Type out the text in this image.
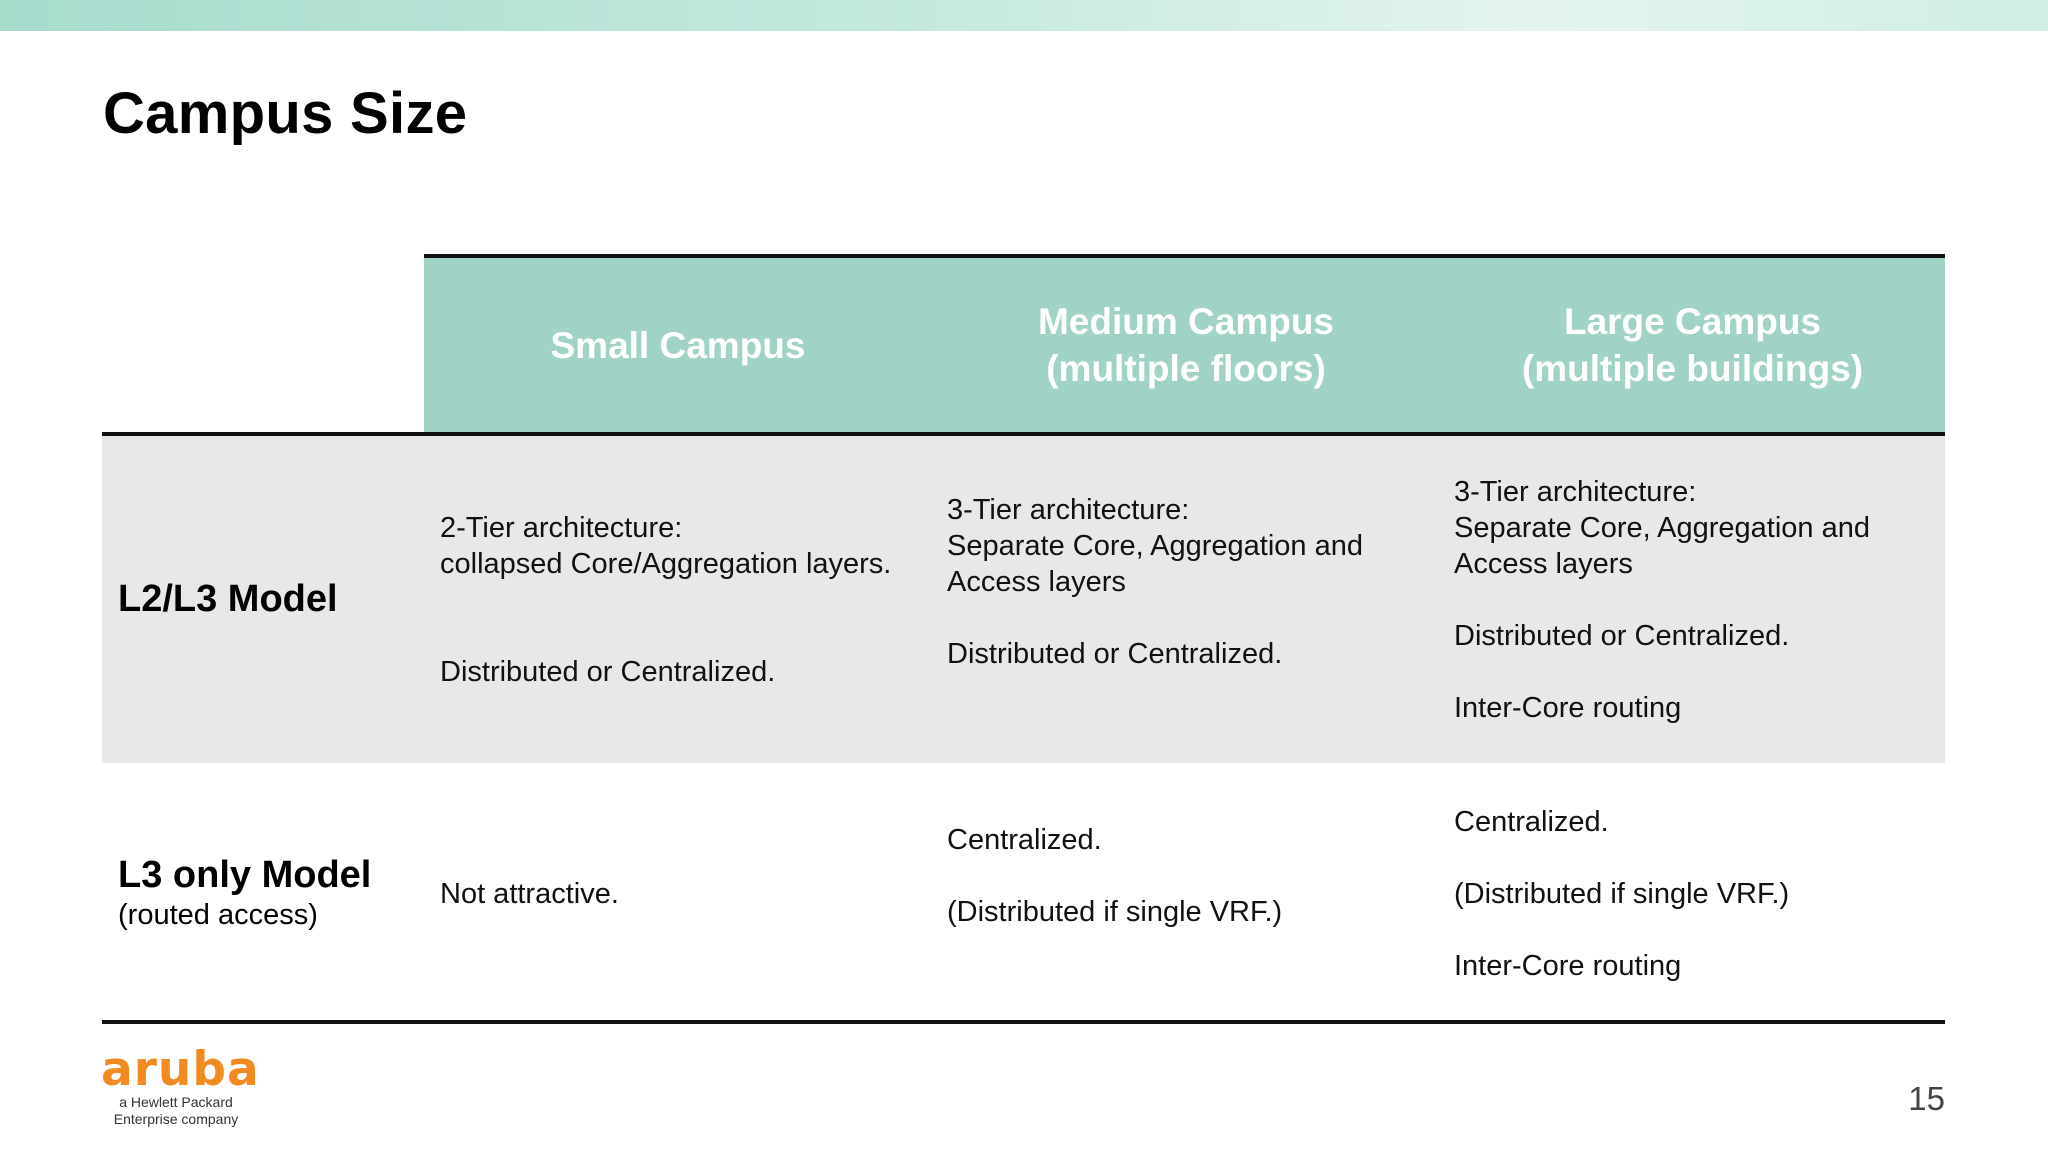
Campus Size
Small Campus
Medium Campus
(multiple floors)
Large Campus
(multiple buildings)
L2/L3 Model
2-Tier architecture:
collapsed Core/Aggregation layers.
Distributed or Centralized.
3-Tier architecture:
Separate Core, Aggregation and
Access layers
Distributed or Centralized.
3-Tier architecture:
Separate Core, Aggregation and
Access layers
Distributed or Centralized.
Inter-Core routing
L3 only Model
(routed access)
Not attractive.
Centralized.
(Distributed if single VRF.)
Centralized.
(Distributed if single VRF.)
Inter-Core routing
aruba
a Hewlett Packard
Enterprise company
15
